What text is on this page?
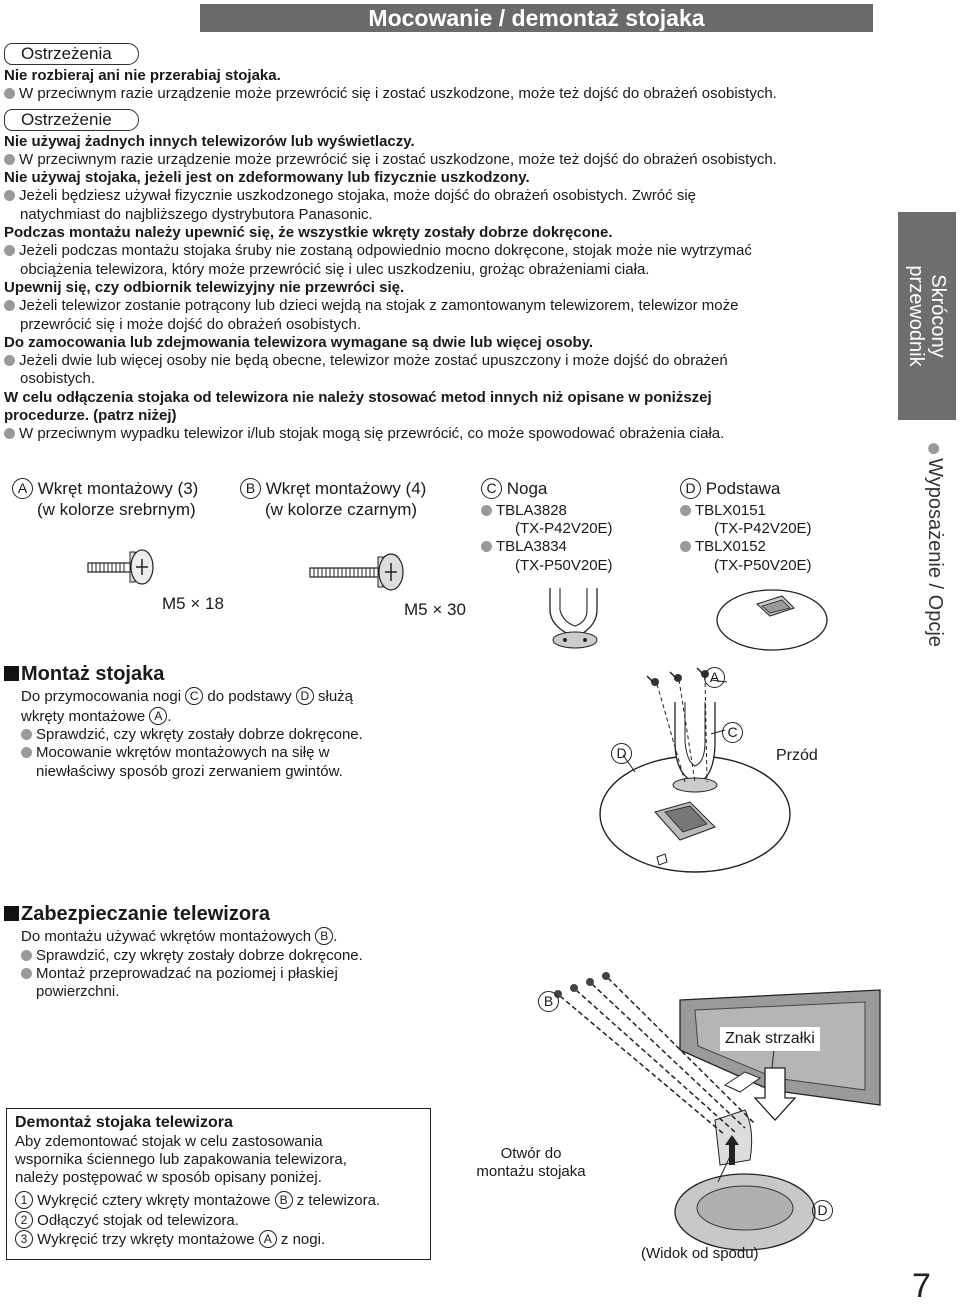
Mocowanie / demontaż stojaka
Ostrzeżenia
Nie rozbieraj ani nie przerabiaj stojaka.
W przeciwnym razie urządzenie może przewrócić się i zostać uszkodzone, może też dojść do obrażeń osobistych.
Ostrzeżenie
Nie używaj żadnych innych telewizorów lub wyświetlaczy.
W przeciwnym razie urządzenie może przewrócić się i zostać uszkodzone, może też dojść do obrażeń osobistych.
Nie używaj stojaka, jeżeli jest on zdeformowany lub fizycznie uszkodzony.
Jeżeli będziesz używał fizycznie uszkodzonego stojaka, może dojść do obrażeń osobistych. Zwróć się
natychmiast do najbliższego dystrybutora Panasonic.
Podczas montażu należy upewnić się, że wszystkie wkręty zostały dobrze dokręcone.
Jeżeli podczas montażu stojaka śruby nie zostaną odpowiednio mocno dokręcone, stojak może nie wytrzymać
obciążenia telewizora, który może przewrócić się i ulec uszkodzeniu, grożąc obrażeniami ciała.
Upewnij się, czy odbiornik telewizyjny nie przewróci się.
Jeżeli telewizor zostanie potrącony lub dzieci wejdą na stojak z zamontowanym telewizorem, telewizor może
przewrócić się i może dojść do obrażeń osobistych.
Do zamocowania lub zdejmowania telewizora wymagane są dwie lub więcej osoby.
Jeżeli dwie lub więcej osoby nie będą obecne, telewizor może zostać upuszczony i może dojść do obrażeń
osobistych.
W celu odłączenia stojaka od telewizora nie należy stosować metod innych niż opisane w poniższej
procedurze. (patrz niżej)
W przeciwnym wypadku telewizor i/lub stojak mogą się przewrócić, co może spowodować obrażenia ciała.
A Wkręt montażowy (3)
(w kolorze srebrnym)
M5 × 18
B Wkręt montażowy (4)
(w kolorze czarnym)
M5 × 30
C Noga
TBLA3828
(TX-P42V20E)
TBLA3834
(TX-P50V20E)
D Podstawa
TBLX0151
(TX-P42V20E)
TBLX0152
(TX-P50V20E)
Montaż stojaka
Do przymocowania nogi C do podstawy D służą
wkręty montażowe A .
Sprawdzić, czy wkręty zostały dobrze dokręcone.
Mocowanie wkrętów montażowych na siłę w
niewłaściwy sposób grozi zerwaniem gwintów.
A
C
D	Przód
Zabezpieczanie telewizora
Do montażu używać wkrętów montażowych B .
Sprawdzić, czy wkręty zostały dobrze dokręcone.
Montaż przeprowadzać na poziomej i płaskiej
powierzchni.
B
Znak strzałki
Otwór do
montażu stojaka
D
(Widok od spodu)
Demontaż stojaka telewizora
Aby zdemontować stojak w celu zastosowania
wspornika ściennego lub zapakowania telewizora,
należy postępować w sposób opisany poniżej.
1 Wykręcić cztery wkręty montażowe B z telewizora.
2 Odłączyć stojak od telewizora.
3 Wykręcić trzy wkręty montażowe A z nogi.
Skrócony
przewodnik
Wyposażenie / Opcje
7
